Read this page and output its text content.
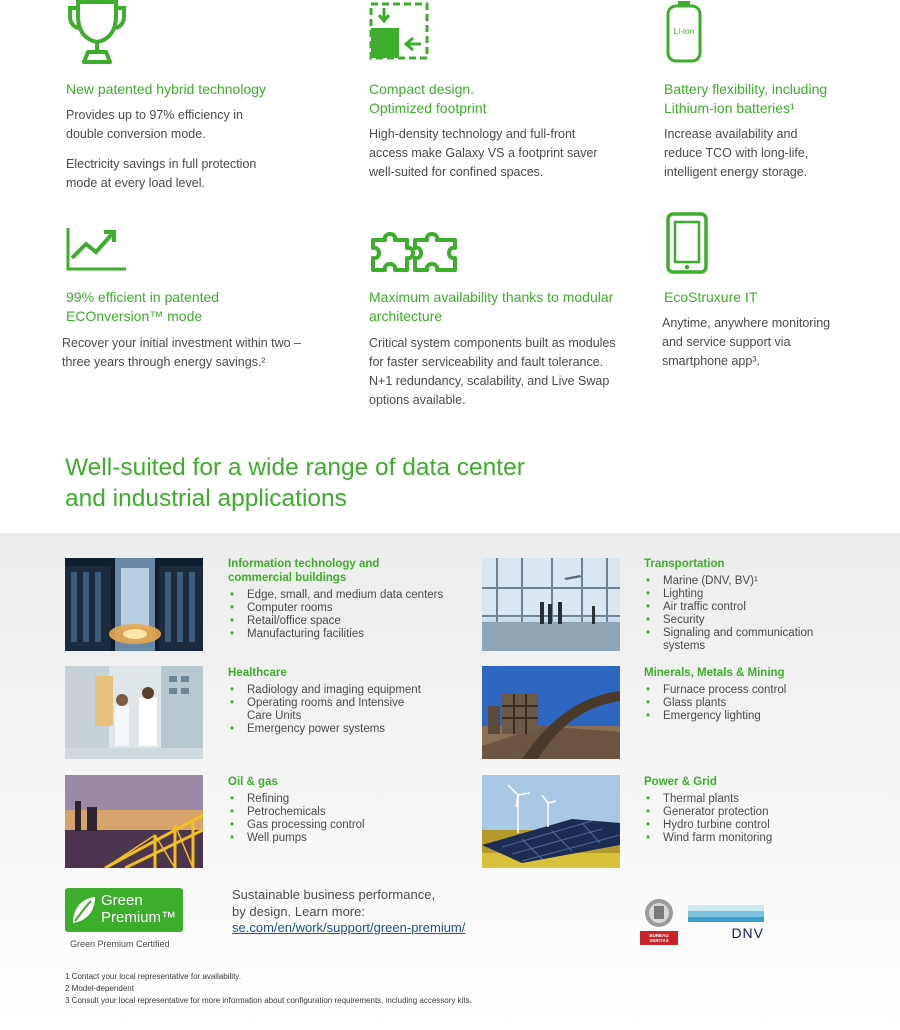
New patented hybrid technology

Provides up to 97% efficiency in double conversion mode.

Electricity savings in full protection mode at every load level.

Compact design. Optimized footprint

High-density technology and full-front access make Galaxy VS a footprint saver well-suited for confined spaces.

Li-ion
Battery flexibility, including Lithium-ion batteries¹

Increase availability and reduce TCO with long-life, intelligent energy storage.

99% efficient in patented ECOnversion™ mode

Recover your initial investment within two – three years through energy savings.²

Maximum availability thanks to modular architecture

Critical system components built as modules for faster serviceability and fault tolerance. N+1 redundancy, scalability, and Live Swap options available.

EcoStruxure IT

Anytime, anywhere monitoring and service support via smartphone app³.

Well-suited for a wide range of data center and industrial applications
Information technology and commercial buildings
• Edge, small, and medium data centers
• Computer rooms
• Retail/office space
• Manufacturing facilities
Transportation
• Marine (DNV, BV)¹
• Lighting
• Air traffic control
• Security
• Signaling and communication systems
Healthcare
• Radiology and imaging equipment
• Operating rooms and Intensive Care Units
• Emergency power systems
Minerals, Metals & Mining
• Furnace process control
• Glass plants
• Emergency lighting
Oil & gas
• Refining
• Petrochemicals
• Gas processing control
• Well pumps
Power & Grid
• Thermal plants
• Generator protection
• Hydro turbine control
• Wind farm monitoring
Green
Premium™
Green Premium Certified
Sustainable business performance,
by design. Learn more:
se.com/en/work/support/green-premium/
BUREAU VERITAS	DNV
1 Contact your local representative for availability.
2 Model-dependent
3 Consult your local representative for more information about configuration requirements, including accessory kits.
